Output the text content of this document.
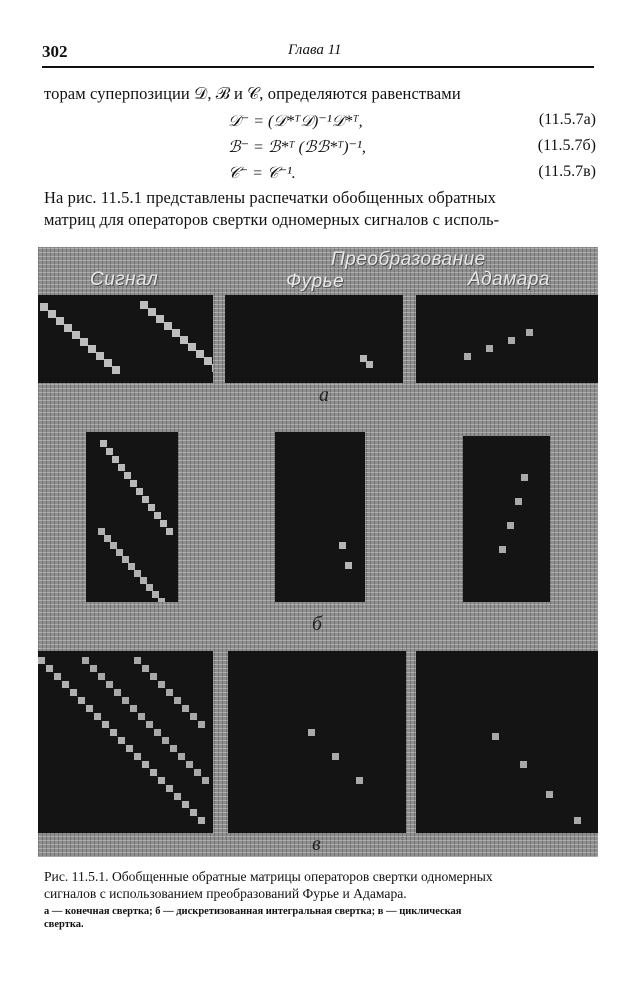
302	Глава 11
торам суперпозиции 𝒟, ℬ и 𝒞, определяются равенствами
𝒟⁻ = (𝒟*ᵀ𝒟)⁻¹𝒟*ᵀ,	(11.5.7а)
ℬ⁻ = ℬ*ᵀ (ℬℬ*ᵀ)⁻¹,	(11.5.7б)
𝒞⁻ = 𝒞⁻¹.	(11.5.7в)
На рис. 11.5.1 представлены распечатки обобщенных обратных
матриц для операторов свертки одномерных сигналов с исполь-
Сигнал
Преобразование
Фурье	Адамара
а
б
в
Рис. 11.5.1. Обобщенные обратные матрицы операторов свертки одномерных
сигналов с использованием преобразований Фурье и Адамара.
а — конечная свертка; б — дискретизованная интегральная свертка; в — циклическая
свертка.
